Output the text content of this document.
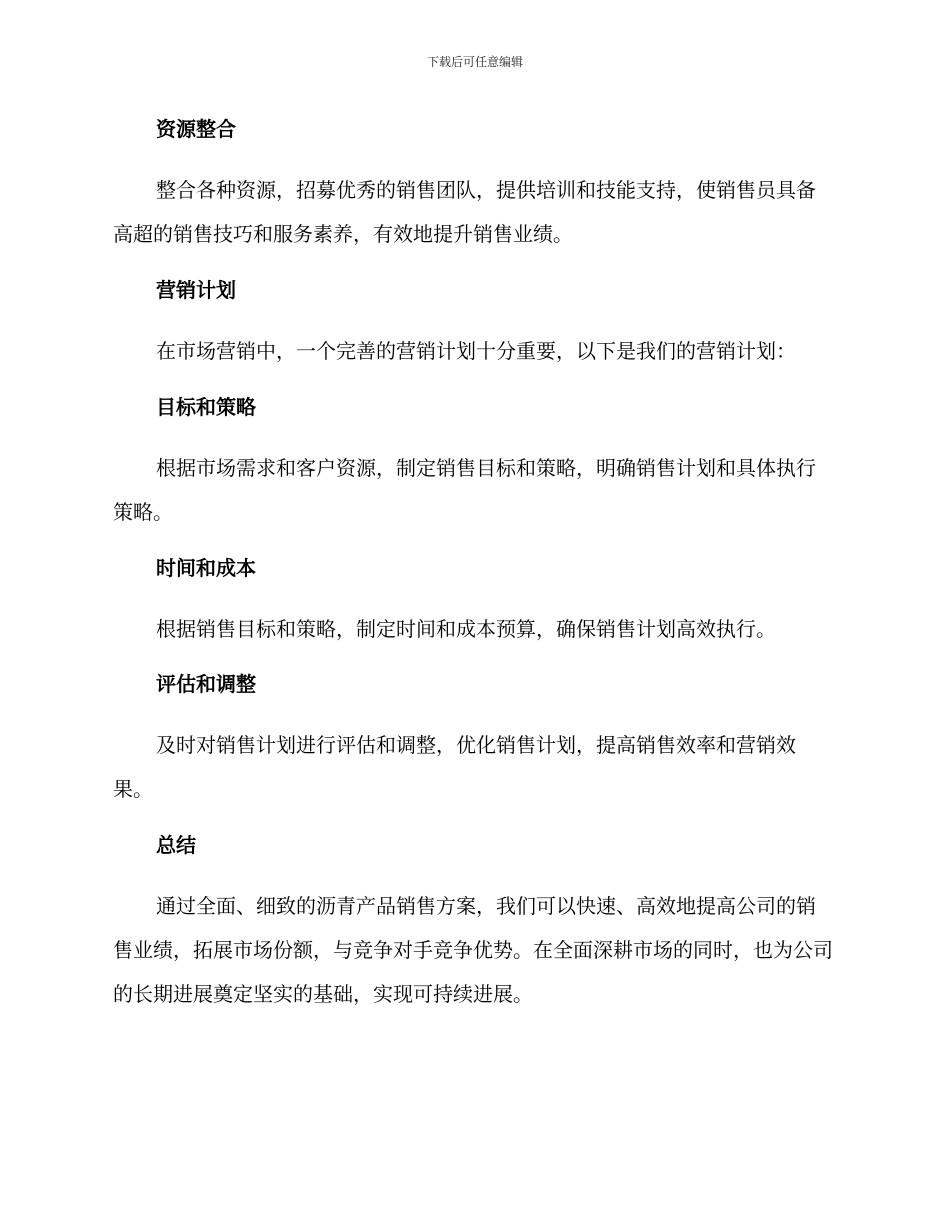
下载后可任意编辑
资源整合

整合各种资源，招募优秀的销售团队，提供培训和技能支持，使销售员具备高超的销售技巧和服务素养，有效地提升销售业绩。

营销计划

在市场营销中，一个完善的营销计划十分重要，以下是我们的营销计划：

目标和策略

根据市场需求和客户资源，制定销售目标和策略，明确销售计划和具体执行策略。

时间和成本

根据销售目标和策略，制定时间和成本预算，确保销售计划高效执行。

评估和调整

及时对销售计划进行评估和调整，优化销售计划，提高销售效率和营销效果。

总结

通过全面、细致的沥青产品销售方案，我们可以快速、高效地提高公司的销售业绩，拓展市场份额，与竞争对手竞争优势。在全面深耕市场的同时，也为公司的长期进展奠定坚实的基础，实现可持续进展。
